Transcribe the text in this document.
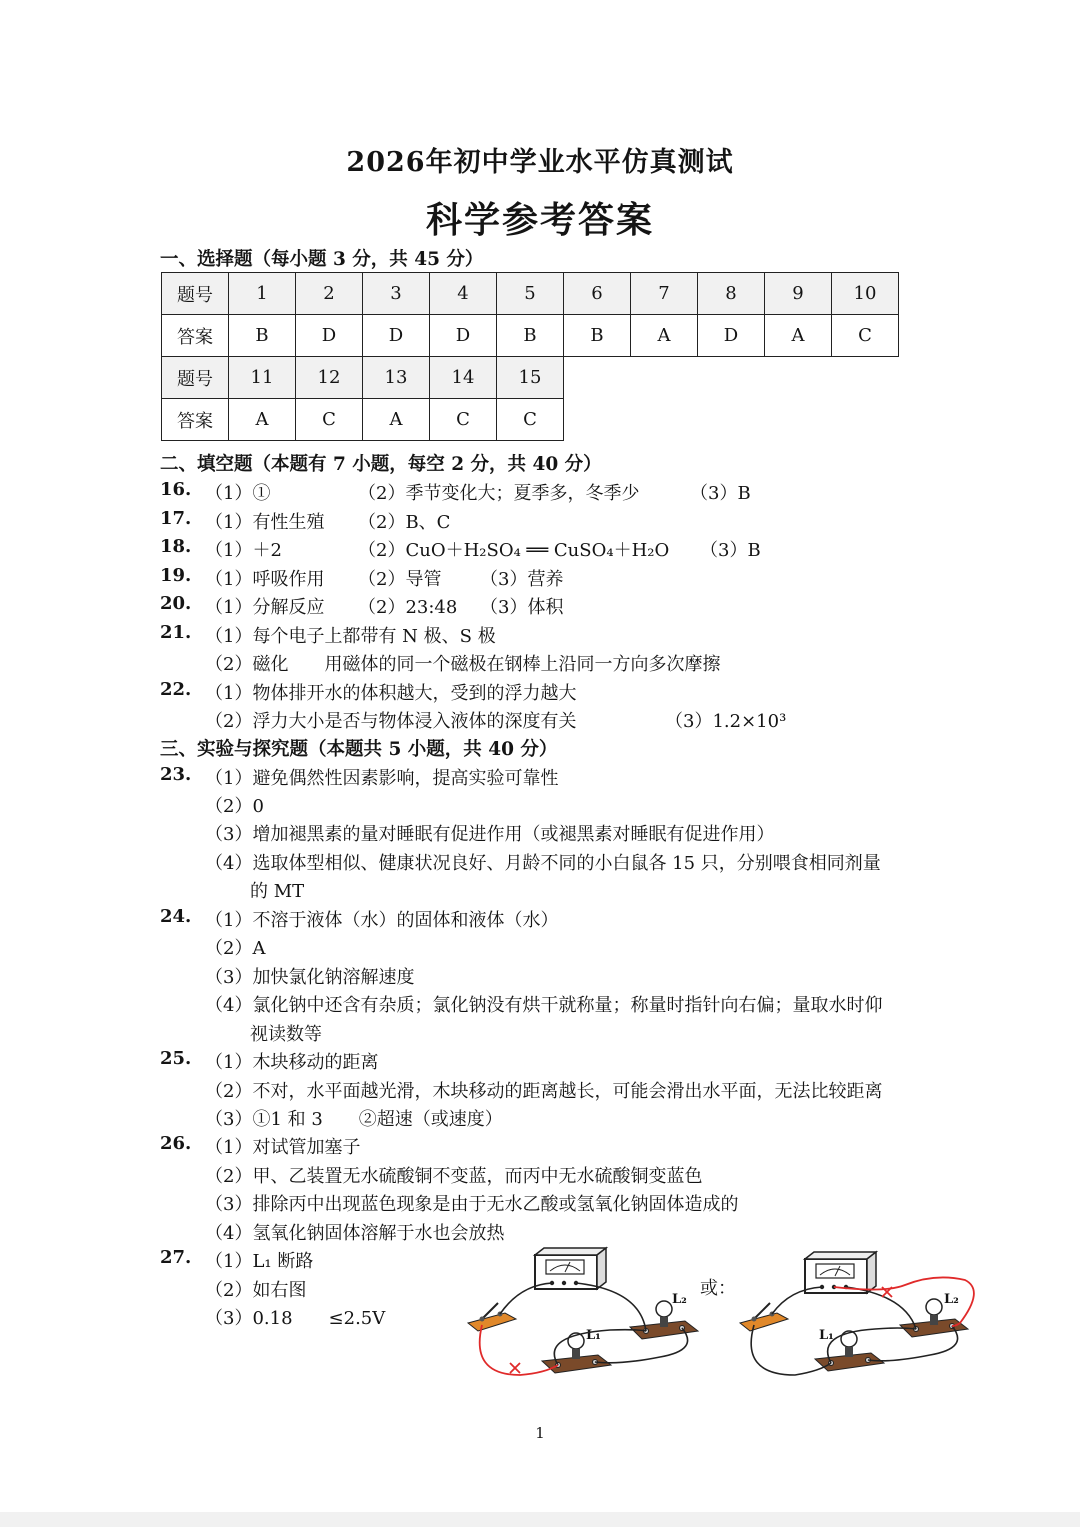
2026年初中学业水平仿真测试
科学参考答案
一、选择题（每小题 3 分，共 45 分）
题号	1	2	3	4	5	6	7	8	9	10
答案	B	D	D	D	B	B	A	D	A	C
题号	11	12	13	14	15					
答案	A	C	A	C	C					
二、填空题（本题有 7 小题，每空 2 分，共 40 分）
16. （1）①	（2）季节变化大；夏季多，冬季少	（3）B
17. （1）有性生殖 （2）B、C
18. （1）＋2	（2）CuO＋H₂SO₄ ══ CuSO₄＋H₂O （3）B
19. （1）呼吸作用 （2）导管 （3）营养
20. （1）分解反应 （2）23:48 （3）体积
21. （1）每个电子上都带有 N 极、S 极
（2）磁化　　用磁体的同一个磁极在钢棒上沿同一方向多次摩擦
22. （1）物体排开水的体积越大，受到的浮力越大
（2）浮力大小是否与物体浸入液体的深度有关	（3）1.2×10³
三、实验与探究题（本题共 5 小题，共 40 分）
23. （1）避免偶然性因素影响，提高实验可靠性
（2）0
（3）增加褪黑素的量对睡眠有促进作用（或褪黑素对睡眠有促进作用）
（4）选取体型相似、健康状况良好、月龄不同的小白鼠各 15 只，分别喂食相同剂量
的 MT
24. （1）不溶于液体（水）的固体和液体（水）
（2）A
（3）加快氯化钠溶解速度
（4）氯化钠中还含有杂质；氯化钠没有烘干就称量；称量时指针向右偏；量取水时仰
视读数等
25. （1）木块移动的距离
（2）不对，水平面越光滑，木块移动的距离越长，可能会滑出水平面，无法比较距离
（3）①1 和 3　　②超速（或速度）
26. （1）对试管加塞子
（2）甲、乙装置无水硫酸铜不变蓝，而丙中无水硫酸铜变蓝色
（3）排除丙中出现蓝色现象是由于无水乙酸或氢氧化钠固体造成的
（4）氢氧化钠固体溶解于水也会放热
27. （1）L₁ 断路
（2）如右图
（3）0.18　　≤2.5V
L₂
L₁
或：
L₂
L₁
1
